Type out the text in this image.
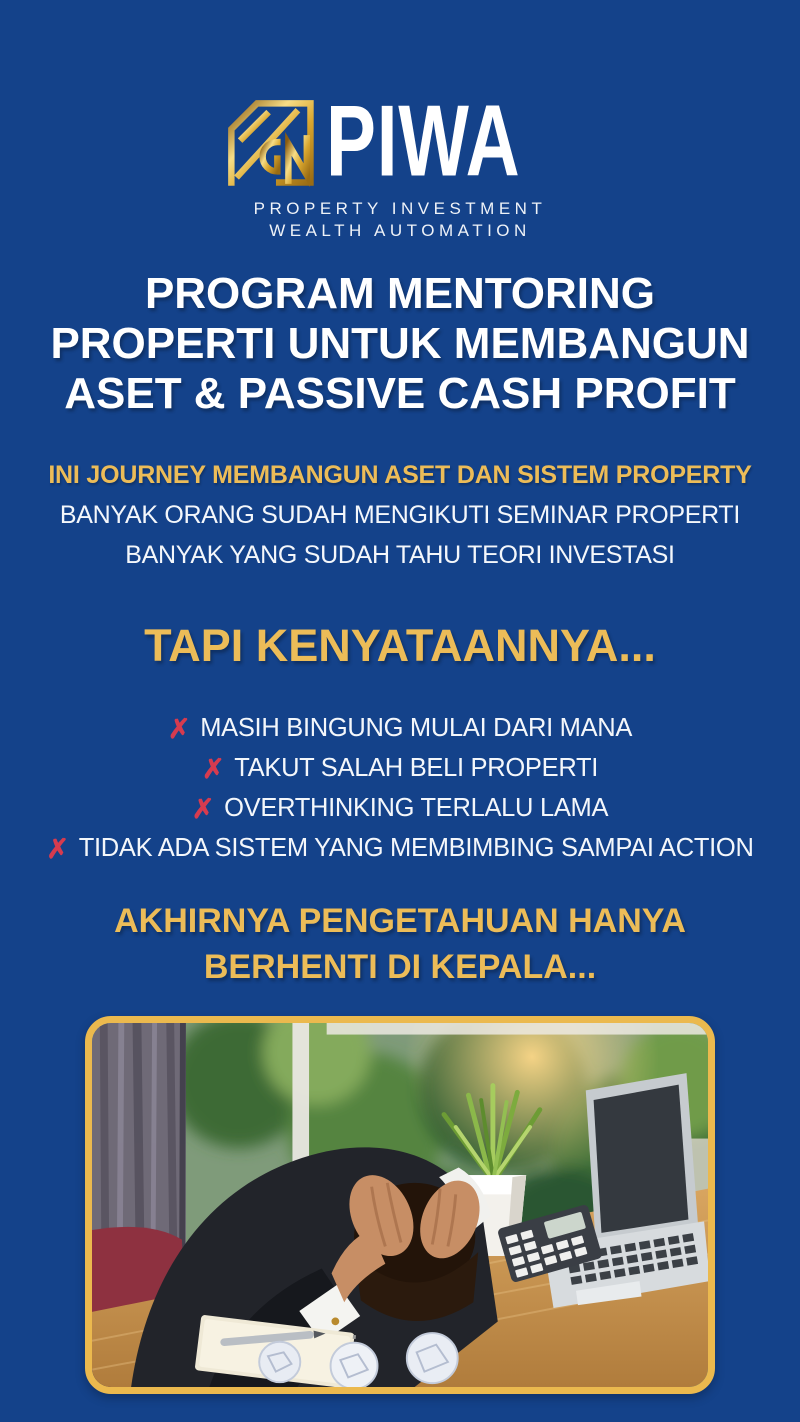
PIWA
PROPERTY INVESTMENT
WEALTH AUTOMATION
PROGRAM MENTORING
PROPERTI UNTUK MEMBANGUN
ASET & PASSIVE CASH PROFIT
INI JOURNEY MEMBANGUN ASET DAN SISTEM PROPERTY
BANYAK ORANG SUDAH MENGIKUTI SEMINAR PROPERTI
BANYAK YANG SUDAH TAHU TEORI INVESTASI
TAPI KENYATAANNYA...
✗ MASIH BINGUNG MULAI DARI MANA
✗ TAKUT SALAH BELI PROPERTI
✗ OVERTHINKING TERLALU LAMA
✗ TIDAK ADA SISTEM YANG MEMBIMBING SAMPAI ACTION
AKHIRNYA PENGETAHUAN HANYA
BERHENTI DI KEPALA...
